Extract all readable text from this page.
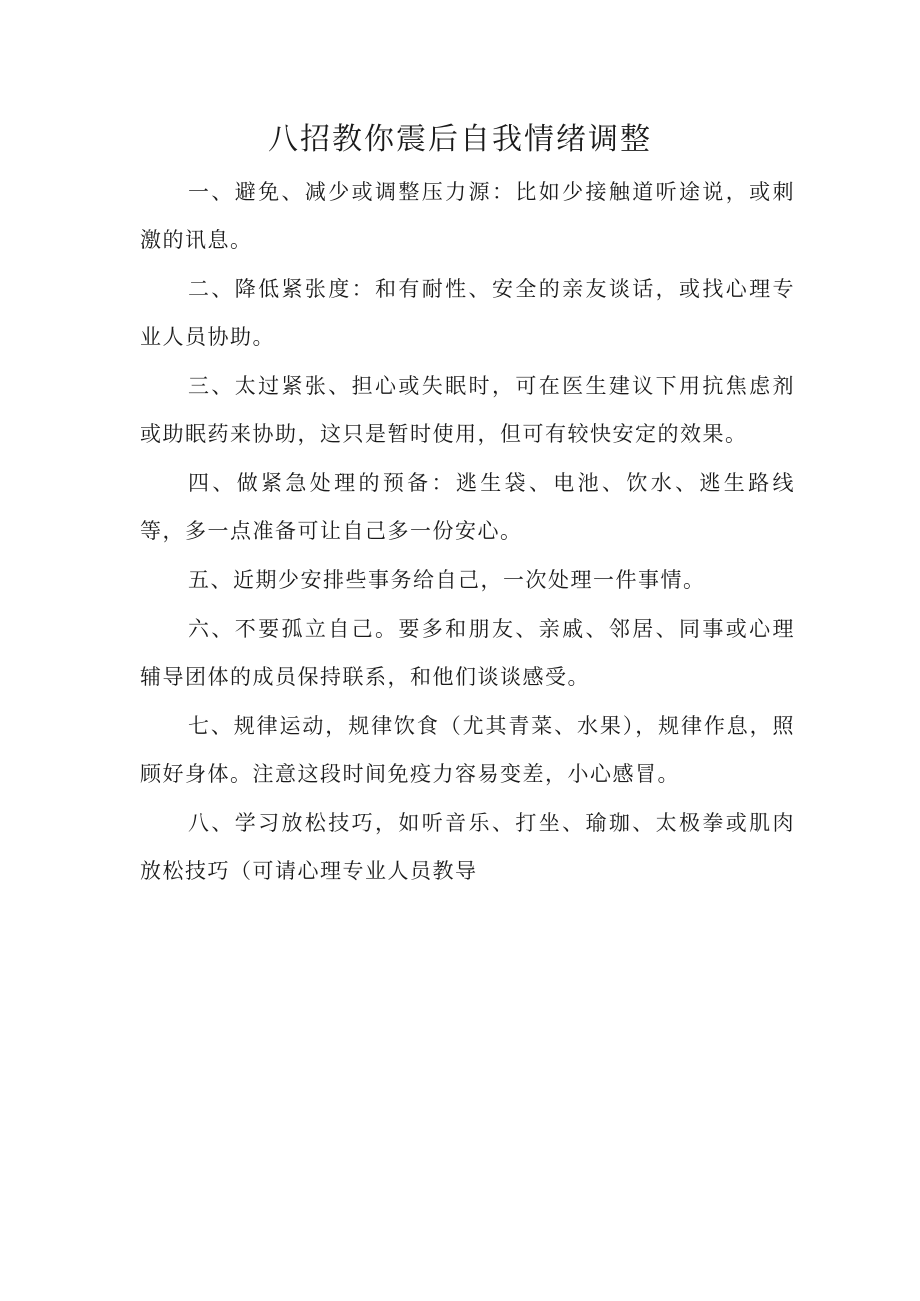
八招教你震后自我情绪调整

一、避免、减少或调整压力源：比如少接触道听途说，或刺激的讯息。

二、降低紧张度：和有耐性、安全的亲友谈话，或找心理专业人员协助。

三、太过紧张、担心或失眠时，可在医生建议下用抗焦虑剂或助眠药来协助，这只是暂时使用，但可有较快安定的效果。

四、做紧急处理的预备：逃生袋、电池、饮水、逃生路线等，多一点准备可让自己多一份安心。

五、近期少安排些事务给自己，一次处理一件事情。

六、不要孤立自己。要多和朋友、亲戚、邻居、同事或心理辅导团体的成员保持联系，和他们谈谈感受。

七、规律运动，规律饮食（尤其青菜、水果），规律作息，照顾好身体。注意这段时间免疫力容易变差，小心感冒。

八、学习放松技巧，如听音乐、打坐、瑜珈、太极拳或肌肉放松技巧（可请心理专业人员教导
